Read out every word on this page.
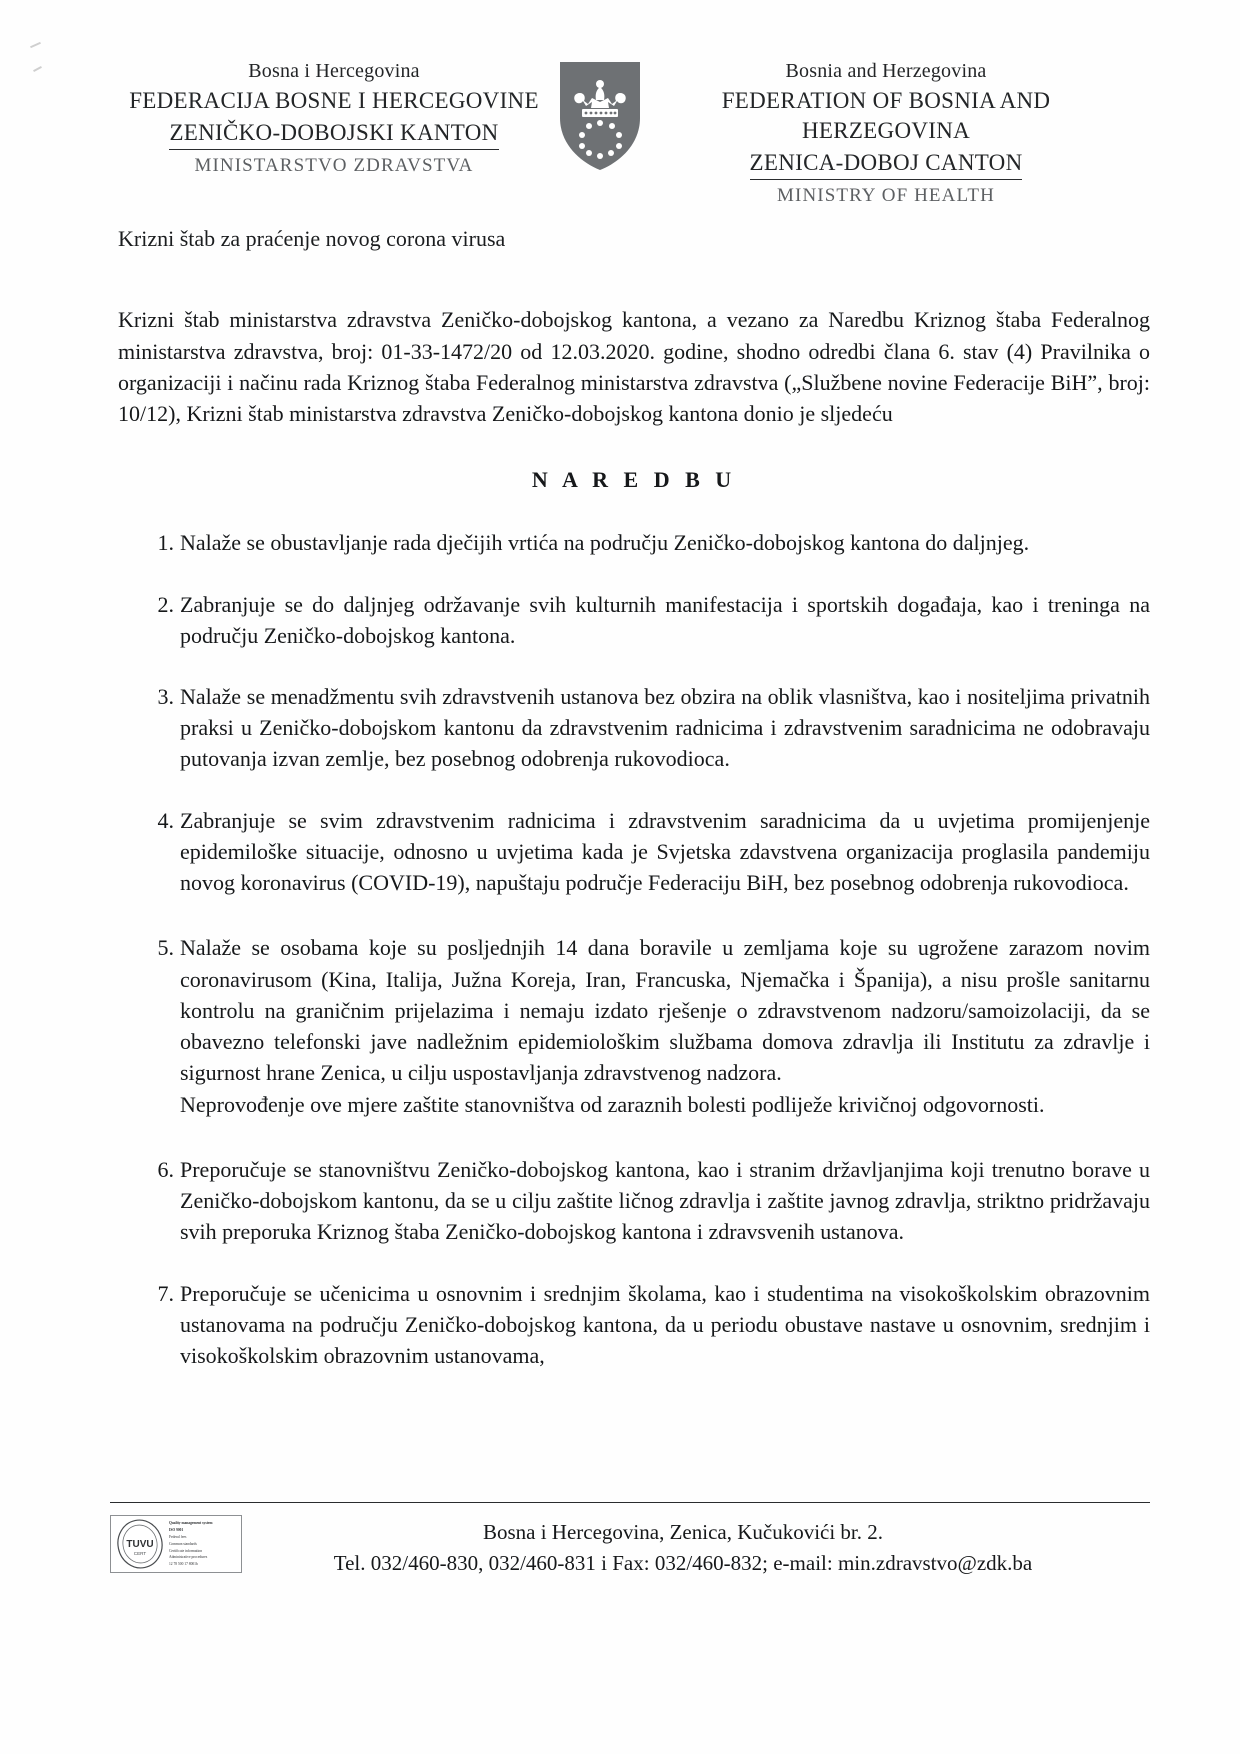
Bosna i Hercegovina
FEDERACIJA BOSNE I HERCEGOVINE
ZENIČKO-DOBOJSKI KANTON
MINISTARSTVO ZDRAVSTVA
Bosnia and Herzegovina
FEDERATION OF BOSNIA AND HERZEGOVINA
ZENICA-DOBOJ CANTON
MINISTRY OF HEALTH
Krizni štab za praćenje novog corona virusa

Krizni štab ministarstva zdravstva Zeničko-dobojskog kantona, a vezano za Naredbu Kriznog štaba Federalnog ministarstva zdravstva, broj: 01-33-1472/20 od 12.03.2020. godine, shodno odredbi člana 6. stav (4) Pravilnika o organizaciji i načinu rada Kriznog štaba Federalnog ministarstva zdravstva („Službene novine Federacije BiH”, broj: 10/12), Krizni štab ministarstva zdravstva Zeničko-dobojskog kantona donio je sljedeću

N A R E D B U
1. Nalaže se obustavljanje rada dječijih vrtića na području Zeničko-dobojskog kantona do daljnjeg.
2. Zabranjuje se do daljnjeg održavanje svih kulturnih manifestacija i sportskih događaja, kao i treninga na području Zeničko-dobojskog kantona.
3. Nalaže se menadžmentu svih zdravstvenih ustanova bez obzira na oblik vlasništva, kao i nositeljima privatnih praksi u Zeničko-dobojskom kantonu da zdravstvenim radnicima i zdravstvenim saradnicima ne odobravaju putovanja izvan zemlje, bez posebnog odobrenja rukovodioca.
4. Zabranjuje se svim zdravstvenim radnicima i zdravstvenim saradnicima da u uvjetima promijenjenje epidemiloške situacije, odnosno u uvjetima kada je Svjetska zdavstvena organizacija proglasila pandemiju novog koronavirus (COVID-19), napuštaju područje Federaciju BiH, bez posebnog odobrenja rukovodioca.
5. Nalaže se osobama koje su posljednjih 14 dana boravile u zemljama koje su ugrožene zarazom novim coronavirusom (Kina, Italija, Južna Koreja, Iran, Francuska, Njemačka i Španija), a nisu prošle sanitarnu kontrolu na graničnim prijelazima i nemaju izdato rješenje o zdravstvenom nadzoru/samoizolaciji, da se obavezno telefonski jave nadležnim epidemiološkim službama domova zdravlja ili Institutu za zdravlje i sigurnost hrane Zenica, u cilju uspostavljanja zdravstvenog nadzora.
Neprovođenje ove mjere zaštite stanovništva od zaraznih bolesti podliježe krivičnoj odgovornosti.
6. Preporučuje se stanovništvu Zeničko-dobojskog kantona, kao i stranim državljanjima koji trenutno borave u Zeničko-dobojskom kantonu, da se u cilju zaštite ličnog zdravlja i zaštite javnog zdravlja, striktno pridržavaju svih preporuka Kriznog štaba Zeničko-dobojskog kantona i zdravsvenih ustanova.
7. Preporučuje se učenicima u osnovnim i srednjim školama, kao i studentima na visokoškolskim obrazovnim ustanovama na području Zeničko-dobojskog kantona, da u periodu obustave nastave u osnovnim, srednjim i visokoškolskim obrazovnim ustanovama,
TUVU
CERT
Quality management system
ISO 9001
Federal fees
Common standards
Certificate information
Administrative procedures
12 78 500 17 8001b
Bosna i Hercegovina, Zenica, Kučukovići br. 2.
Tel. 032/460-830, 032/460-831 i Fax: 032/460-832; e-mail: min.zdravstvo@zdk.ba
